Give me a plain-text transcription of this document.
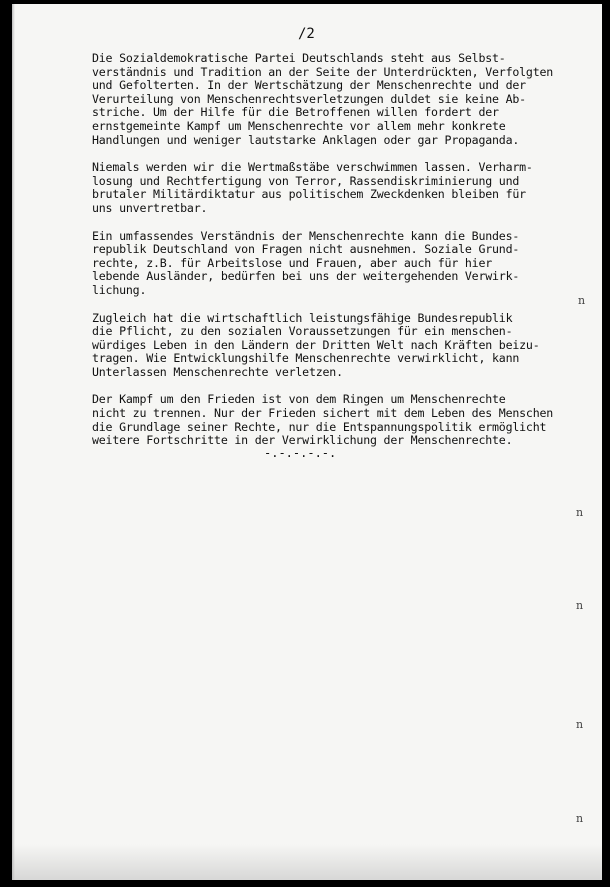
/2
Die Sozialdemokratische Partei Deutschlands steht aus Selbst-
verständnis und Tradition an der Seite der Unterdrückten, Verfolgten
und Gefolterten. In der Wertschätzung der Menschenrechte und der
Verurteilung von Menschenrechtsverletzungen duldet sie keine Ab-
striche. Um der Hilfe für die Betroffenen willen fordert der
ernstgemeinte Kampf um Menschenrechte vor allem mehr konkrete
Handlungen und weniger lautstarke Anklagen oder gar Propaganda.
Niemals werden wir die Wertmaßstäbe verschwimmen lassen. Verharm-
losung und Rechtfertigung von Terror, Rassendiskriminierung und
brutaler Militärdiktatur aus politischem Zweckdenken bleiben für
uns unvertretbar.
Ein umfassendes Verständnis der Menschenrechte kann die Bundes-
republik Deutschland von Fragen nicht ausnehmen. Soziale Grund-
rechte, z.B. für Arbeitslose und Frauen, aber auch für hier
lebende Ausländer, bedürfen bei uns der weitergehenden Verwirk-
lichung.
Zugleich hat die wirtschaftlich leistungsfähige Bundesrepublik
die Pflicht, zu den sozialen Voraussetzungen für ein menschen-
würdiges Leben in den Ländern der Dritten Welt nach Kräften beizu-
tragen. Wie Entwicklungshilfe Menschenrechte verwirklicht, kann
Unterlassen Menschenrechte verletzen.
Der Kampf um den Frieden ist von dem Ringen um Menschenrechte
nicht zu trennen. Nur der Frieden sichert mit dem Leben des Menschen
die Grundlage seiner Rechte, nur die Entspannungspolitik ermöglicht
weitere Fortschritte in der Verwirklichung der Menschenrechte.
-.-.-.-.-.
n
n
n
n
n
